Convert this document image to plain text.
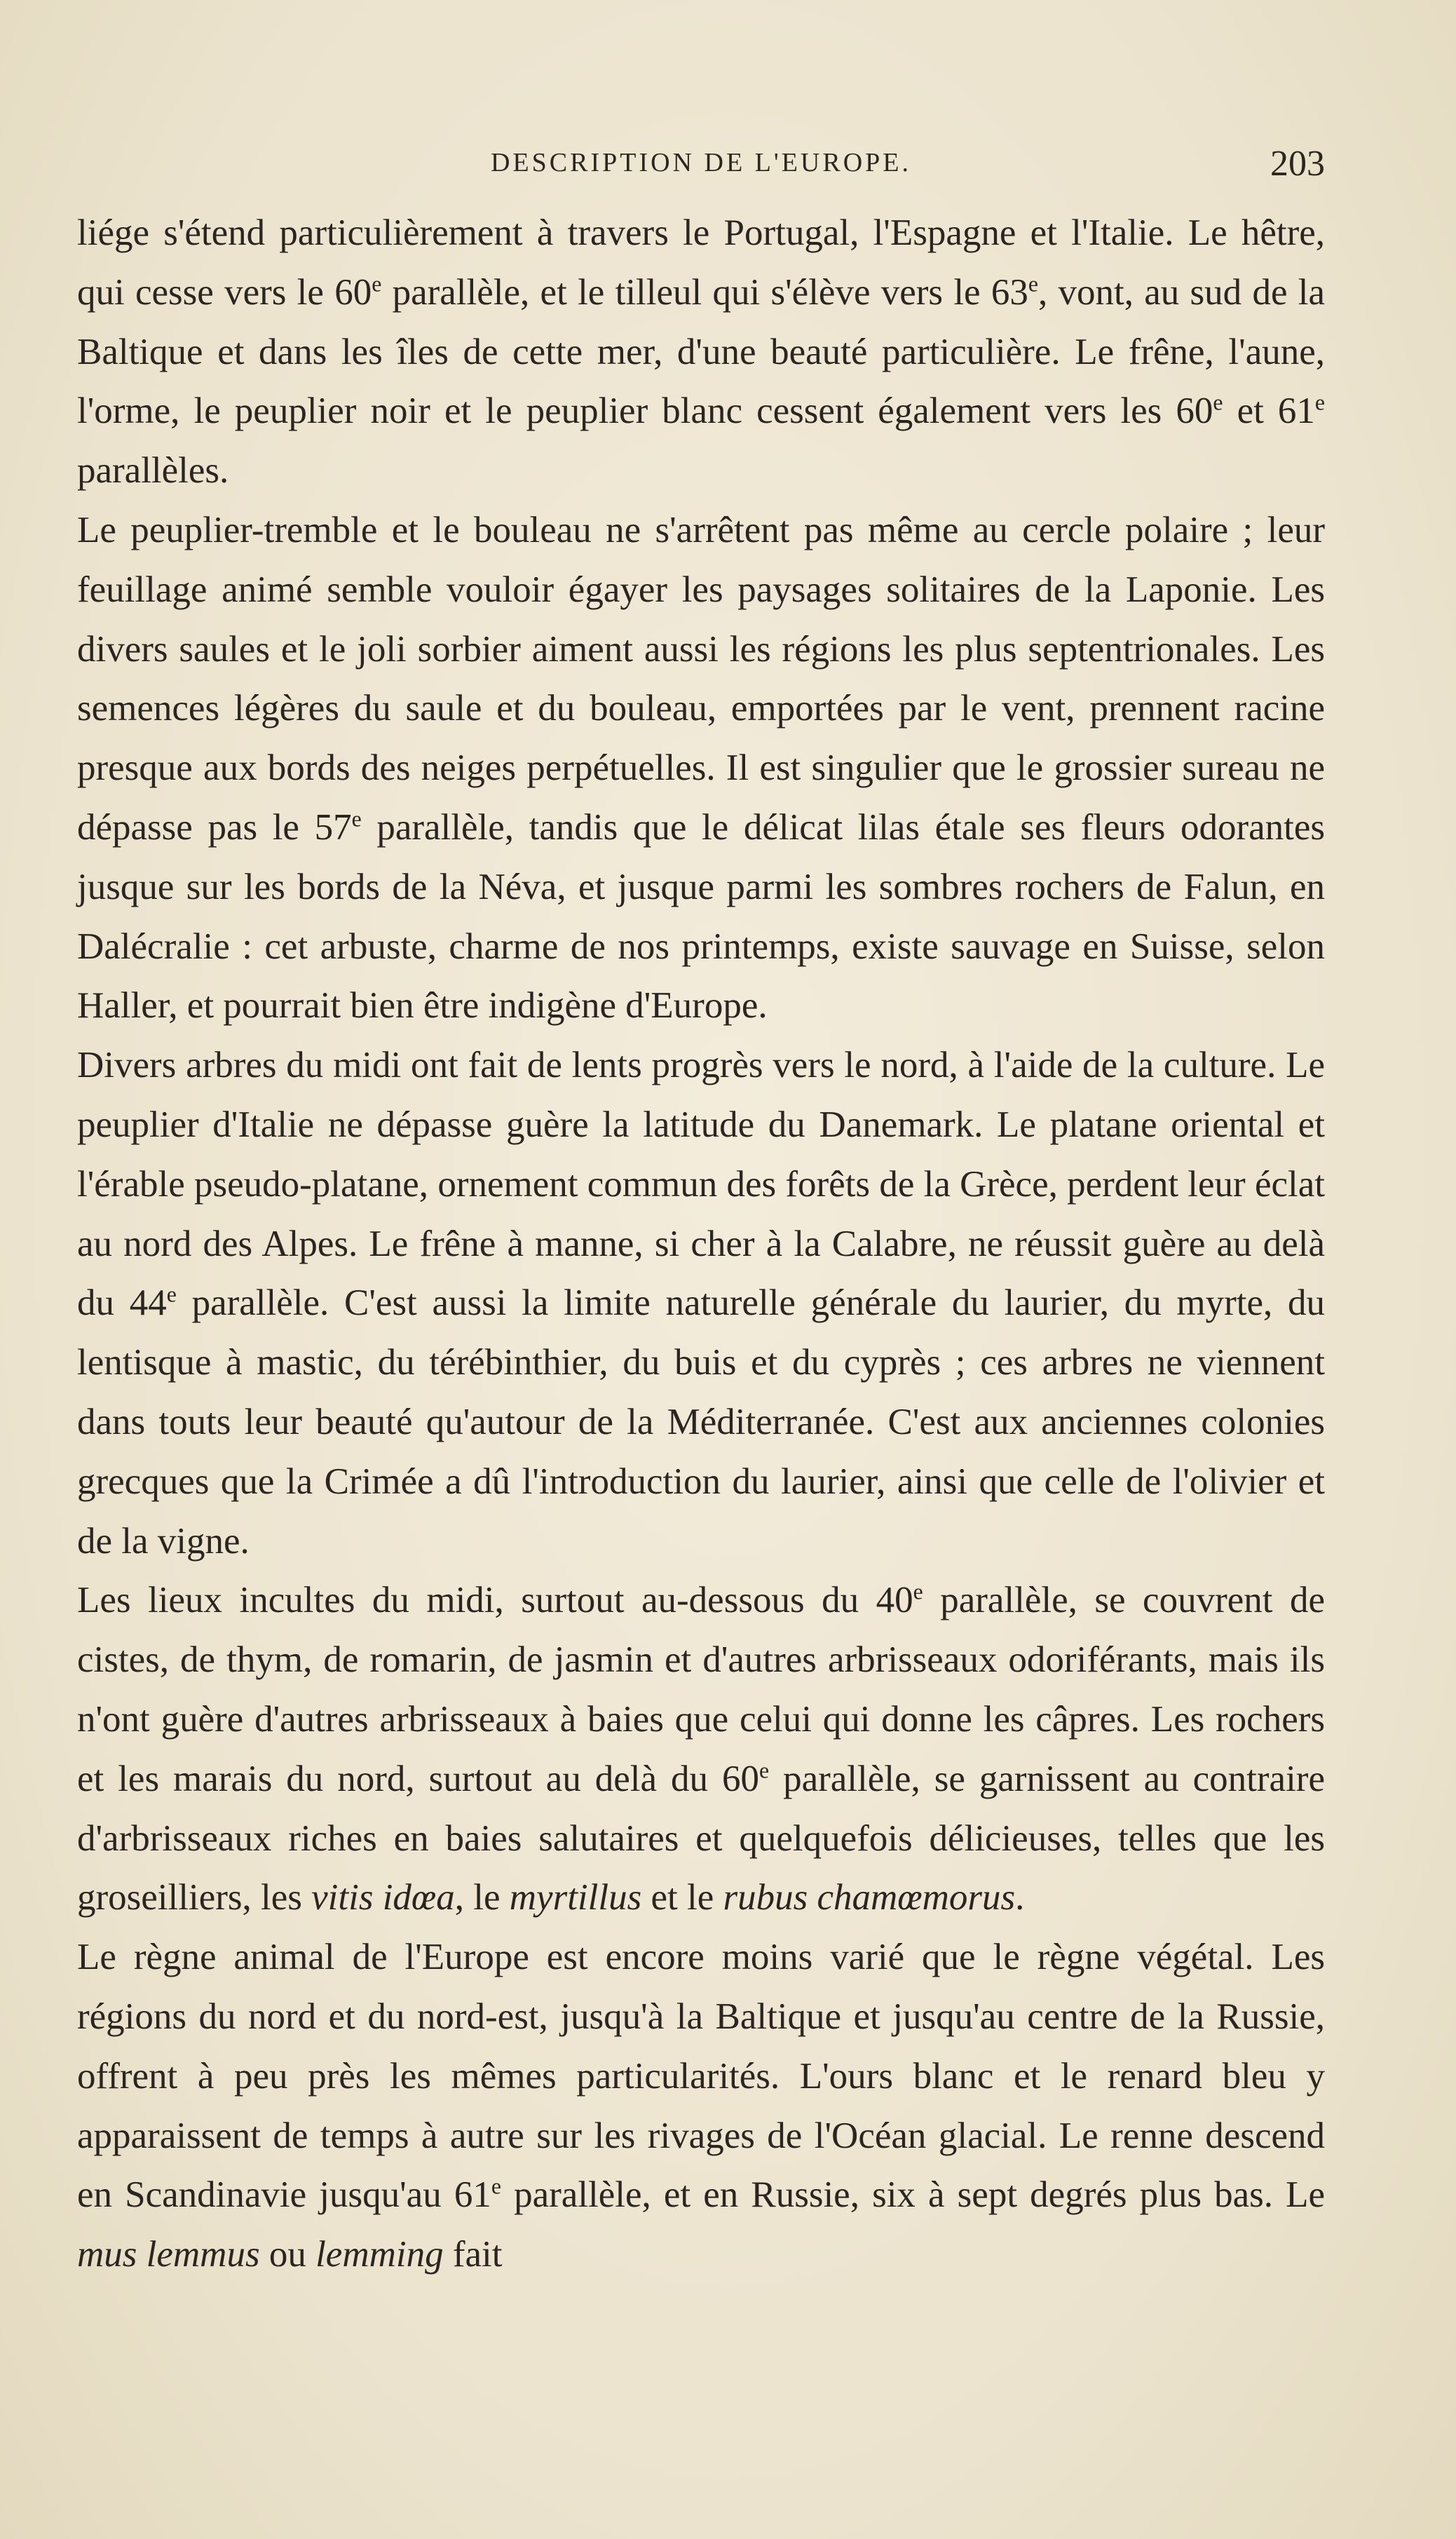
DESCRIPTION DE L'EUROPE.	203

liége s'étend particulièrement à travers le Portugal, l'Espagne et l'Italie. Le hêtre, qui cesse vers le 60e parallèle, et le tilleul qui s'élève vers le 63e, vont, au sud de la Baltique et dans les îles de cette mer, d'une beauté particulière. Le frêne, l'aune, l'orme, le peuplier noir et le peuplier blanc cessent également vers les 60e et 61e parallèles.

Le peuplier-tremble et le bouleau ne s'arrêtent pas même au cercle polaire ; leur feuillage animé semble vouloir égayer les paysages solitaires de la Laponie. Les divers saules et le joli sorbier aiment aussi les régions les plus septentrionales. Les semences légères du saule et du bouleau, emportées par le vent, prennent racine presque aux bords des neiges perpétuelles. Il est singulier que le grossier sureau ne dépasse pas le 57e parallèle, tandis que le délicat lilas étale ses fleurs odorantes jusque sur les bords de la Néva, et jusque parmi les sombres rochers de Falun, en Dalécralie : cet arbuste, charme de nos printemps, existe sauvage en Suisse, selon Haller, et pourrait bien être indigène d'Europe.

Divers arbres du midi ont fait de lents progrès vers le nord, à l'aide de la culture. Le peuplier d'Italie ne dépasse guère la latitude du Danemark. Le platane oriental et l'érable pseudo-platane, ornement commun des forêts de la Grèce, perdent leur éclat au nord des Alpes. Le frêne à manne, si cher à la Calabre, ne réussit guère au delà du 44e parallèle. C'est aussi la limite naturelle générale du laurier, du myrte, du lentisque à mastic, du térébinthier, du buis et du cyprès ; ces arbres ne viennent dans touts leur beauté qu'autour de la Méditerranée. C'est aux anciennes colonies grecques que la Crimée a dû l'introduction du laurier, ainsi que celle de l'olivier et de la vigne.

Les lieux incultes du midi, surtout au-dessous du 40e parallèle, se couvrent de cistes, de thym, de romarin, de jasmin et d'autres arbrisseaux odoriférants, mais ils n'ont guère d'autres arbrisseaux à baies que celui qui donne les câpres. Les rochers et les marais du nord, surtout au delà du 60e parallèle, se garnissent au contraire d'arbrisseaux riches en baies salutaires et quelquefois délicieuses, telles que les groseilliers, les vitis idœa, le myrtillus et le rubus chamœmorus.

Le règne animal de l'Europe est encore moins varié que le règne végétal. Les régions du nord et du nord-est, jusqu'à la Baltique et jusqu'au centre de la Russie, offrent à peu près les mêmes particularités. L'ours blanc et le renard bleu y apparaissent de temps à autre sur les rivages de l'Océan glacial. Le renne descend en Scandinavie jusqu'au 61e parallèle, et en Russie, six à sept degrés plus bas. Le mus lemmus ou lemming fait
